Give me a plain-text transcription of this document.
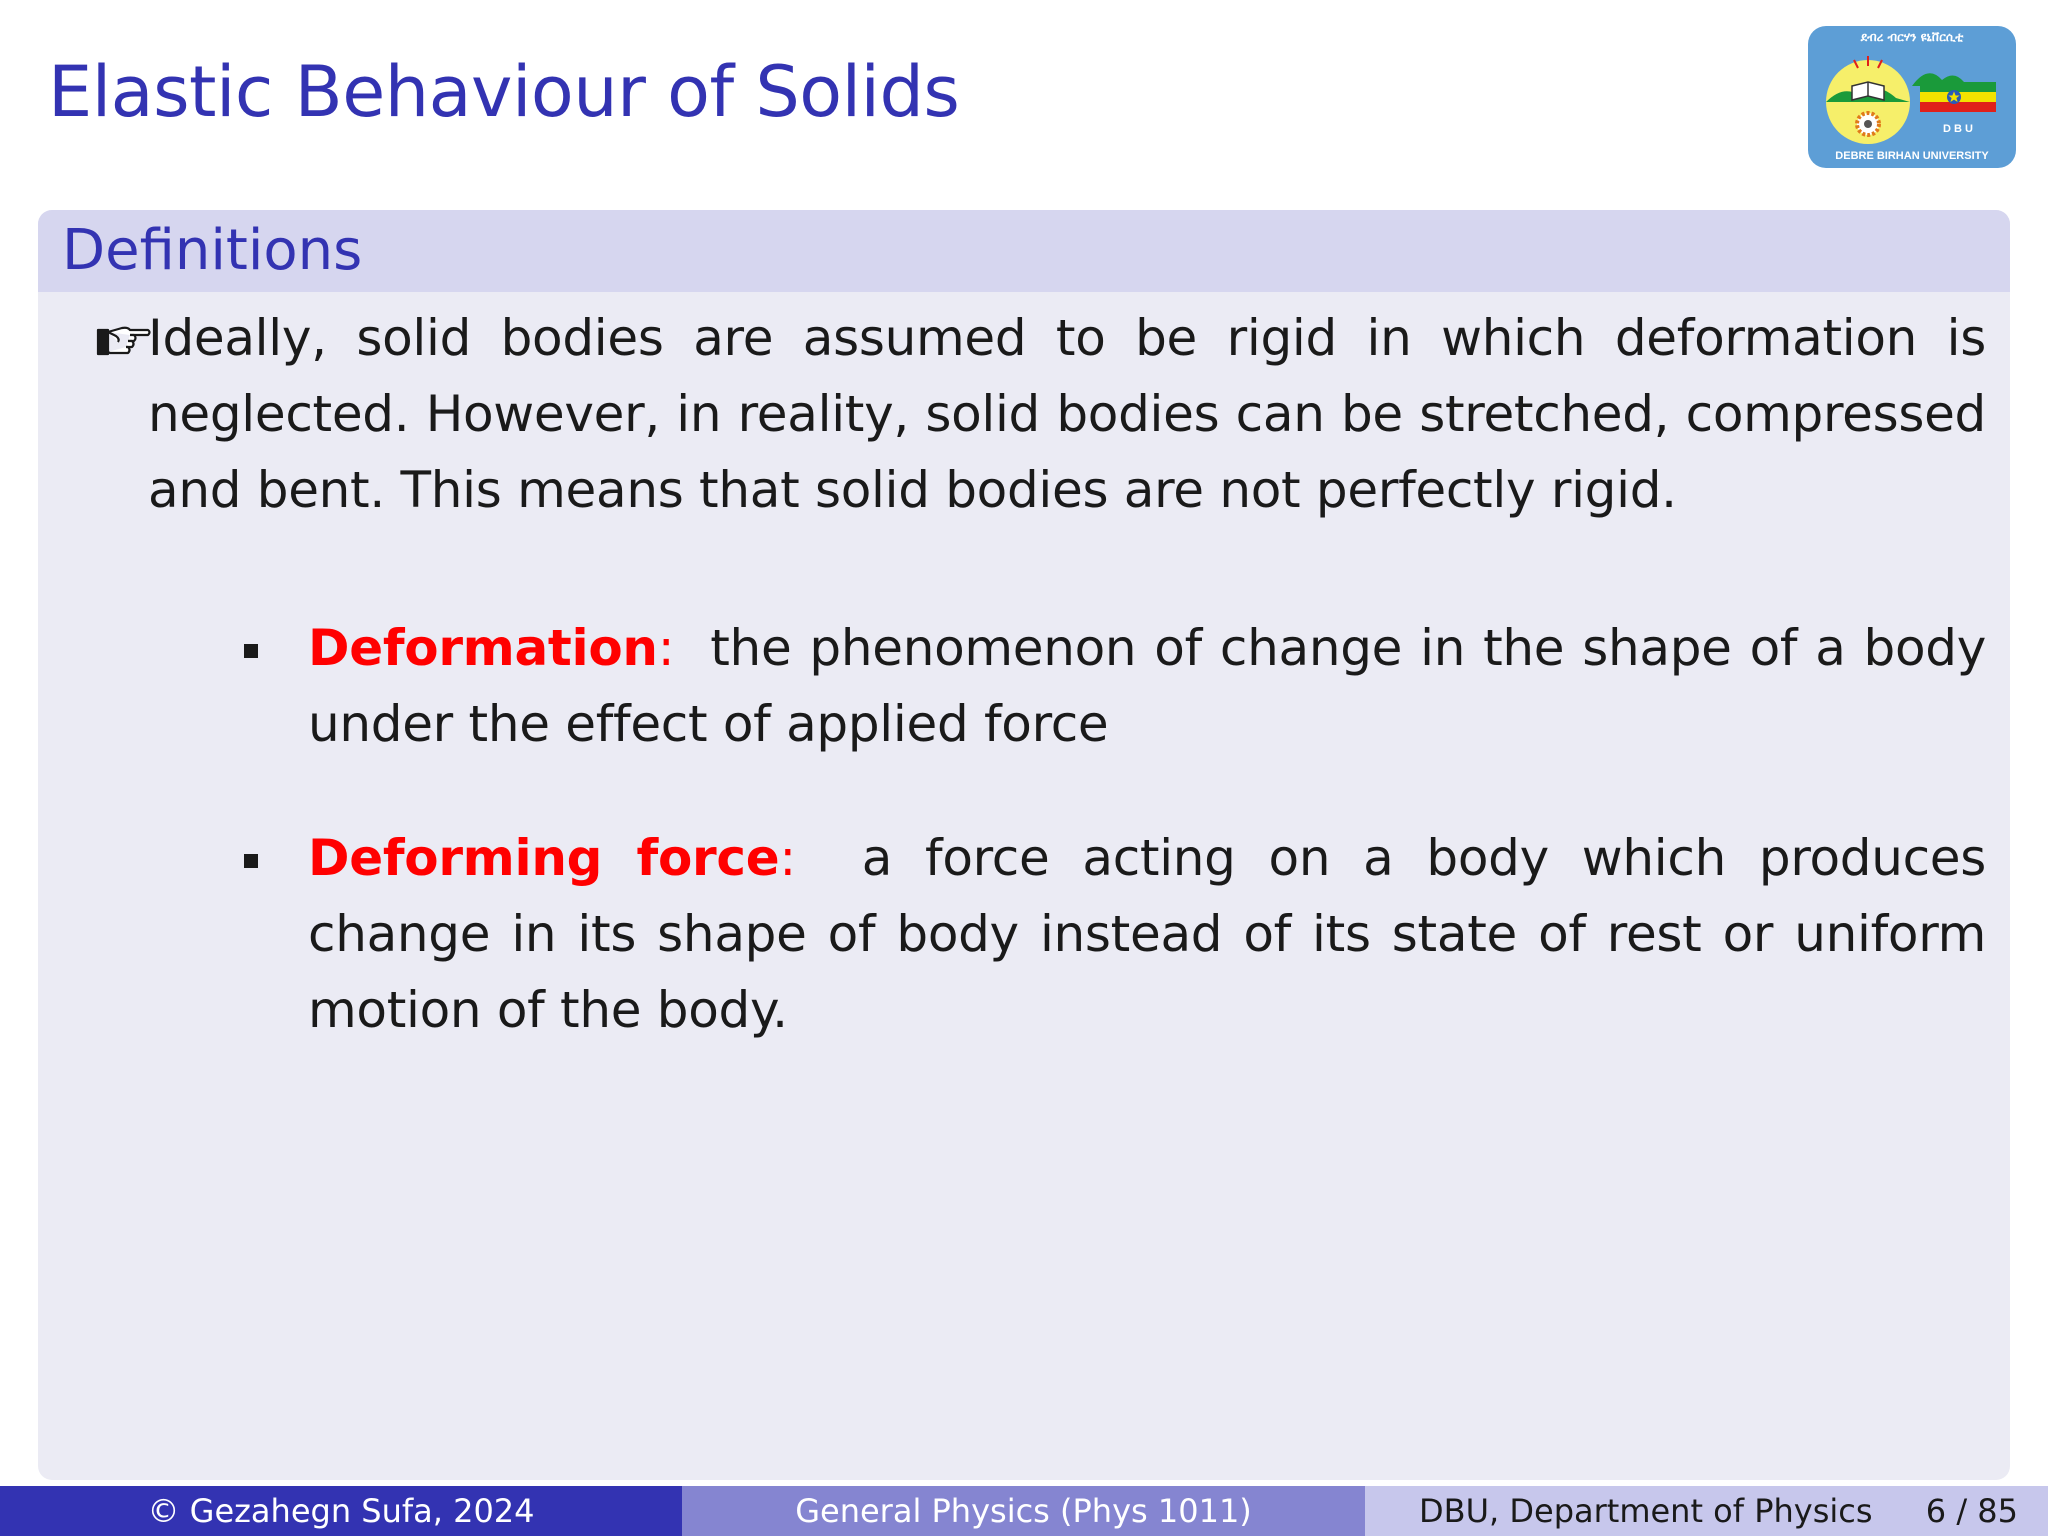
Elastic Behaviour of Solids
ደብረ ብርሃን ዩኒቨርሲቲ
D B U
DEBRE BIRHAN UNIVERSITY
Definitions
Ideally, solid bodies are assumed to be rigid in which deformation is neglected. However, in reality, solid bodies can be stretched, compressed and bent. This means that solid bodies are not perfectly rigid.
Deformation: the phenomenon of change in the shape of a body under the effect of applied force
Deforming force: a force acting on a body which produces change in its shape of body instead of its state of rest or uniform motion of the body.
© Gezahegn Sufa, 2024	General Physics (Phys 1011)	DBU, Department of Physics 6 / 85
